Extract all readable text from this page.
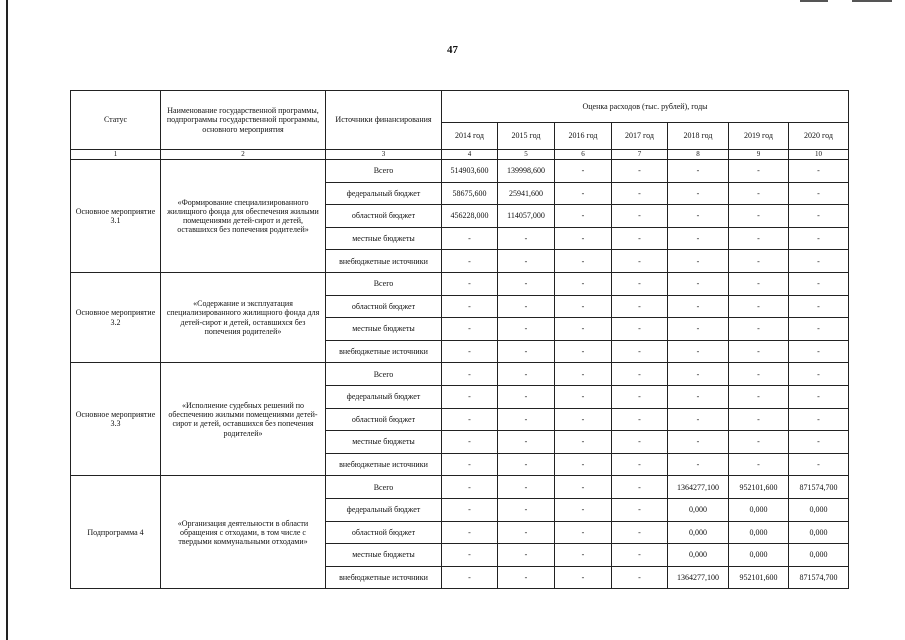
47
Статус	Наименование государственной программы, подпрограммы государственной программы, основного мероприятия	Источники финансирования	Оценка расходов (тыс. рублей), годы						
			2014 год	2015 год	2016 год	2017 год	2018 год	2019 год	2020 год
1	2	3	4	5	6	7	8	9	10
Основное мероприятие 3.1	«Формирование специализированного жилищного фонда для обеспечения жилыми помещениями детей-сирот и детей, оставшихся без попечения родителей»	Всего	514903,600	139998,600	-	-	-	-	-
		федеральный бюджет	58675,600	25941,600	-	-	-	-	-
		областной бюджет	456228,000	114057,000	-	-	-	-	-
		местные бюджеты	-	-	-	-	-	-	-
		внебюджетные источники	-	-	-	-	-	-	-
Основное мероприятие 3.2	«Содержание и эксплуатация специализированного жилищного фонда для детей-сирот и детей, оставшихся без попечения родителей»	Всего	-	-	-	-	-	-	-
		областной бюджет	-	-	-	-	-	-	-
		местные бюджеты	-	-	-	-	-	-	-
		внебюджетные источники	-	-	-	-	-	-	-
Основное мероприятие 3.3	«Исполнение судебных решений по обеспечению жилыми помещениями детей-сирот и детей, оставшихся без попечения родителей»	Всего	-	-	-	-	-	-	-
		федеральный бюджет	-	-	-	-	-	-	-
		областной бюджет	-	-	-	-	-	-	-
		местные бюджеты	-	-	-	-	-	-	-
		внебюджетные источники	-	-	-	-	-	-	-
Подпрограмма 4	«Организация деятельности в области обращения с отходами, в том числе с твердыми коммунальными отходами»	Всего	-	-	-	-	1364277,100	952101,600	871574,700
		федеральный бюджет	-	-	-	-	0,000	0,000	0,000
		областной бюджет	-	-	-	-	0,000	0,000	0,000
		местные бюджеты	-	-	-	-	0,000	0,000	0,000
		внебюджетные источники	-	-	-	-	1364277,100	952101,600	871574,700
